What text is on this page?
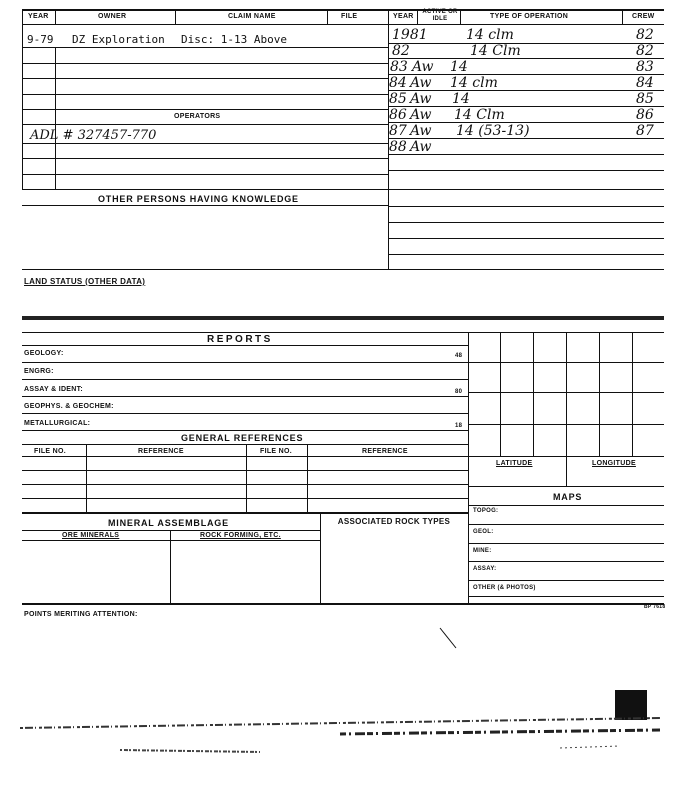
YEAR	OWNER	CLAIM NAME	FILE	YEAR
ACTIVE OR IDLE	TYPE OF OPERATION	CREW
9-79 DZ Exploration Disc: 1-13 Above
OPERATORS
ADL # 327457-770
1981	14 clm	82
82	14 Clm	82
83 Aw 14	83
84 Aw 14 clm	84
85 Aw 14	85
86 Aw 14 Clm	86
87 Aw 14 (53-13)	87
88 Aw
OTHER PERSONS HAVING KNOWLEDGE
LAND STATUS (OTHER DATA)
REPORTS
GEOLOGY:	48
ENGRG:
ASSAY & IDENT:	80
GEOPHYS. & GEOCHEM:
METALLURGICAL:	18
GENERAL REFERENCES
FILE NO.	REFERENCE	FILE NO.	REFERENCE
LATITUDE	LONGITUDE
MAPS
TOPOG:
GEOL:
MINE:
ASSAY:
OTHER (& PHOTOS)
MINERAL ASSEMBLAGE
ORE MINERALS	ROCK FORMING, ETC.
ASSOCIATED ROCK TYPES
BP 7618
POINTS MERITING ATTENTION:
